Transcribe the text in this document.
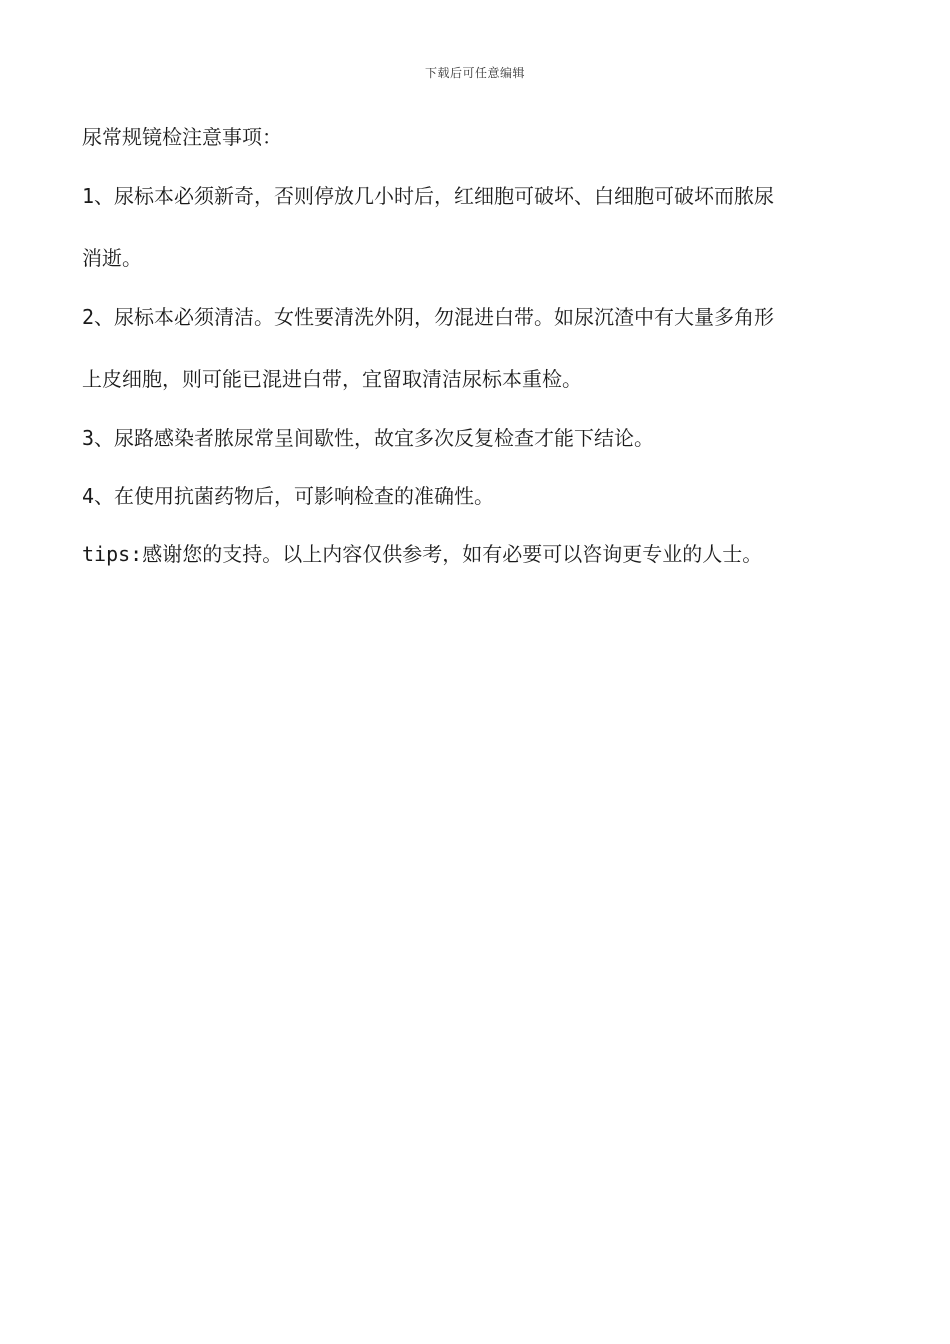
下载后可任意编辑
尿常规镜检注意事项：
1、尿标本必须新奇，否则停放几小时后，红细胞可破坏、白细胞可破坏而脓尿
消逝。
2、尿标本必须清洁。女性要清洗外阴，勿混进白带。如尿沉渣中有大量多角形
上皮细胞，则可能已混进白带，宜留取清洁尿标本重检。
3、尿路感染者脓尿常呈间歇性，故宜多次反复检查才能下结论。
4、在使用抗菌药物后，可影响检查的准确性。
tips:感谢您的支持。以上内容仅供参考，如有必要可以咨询更专业的人士。
